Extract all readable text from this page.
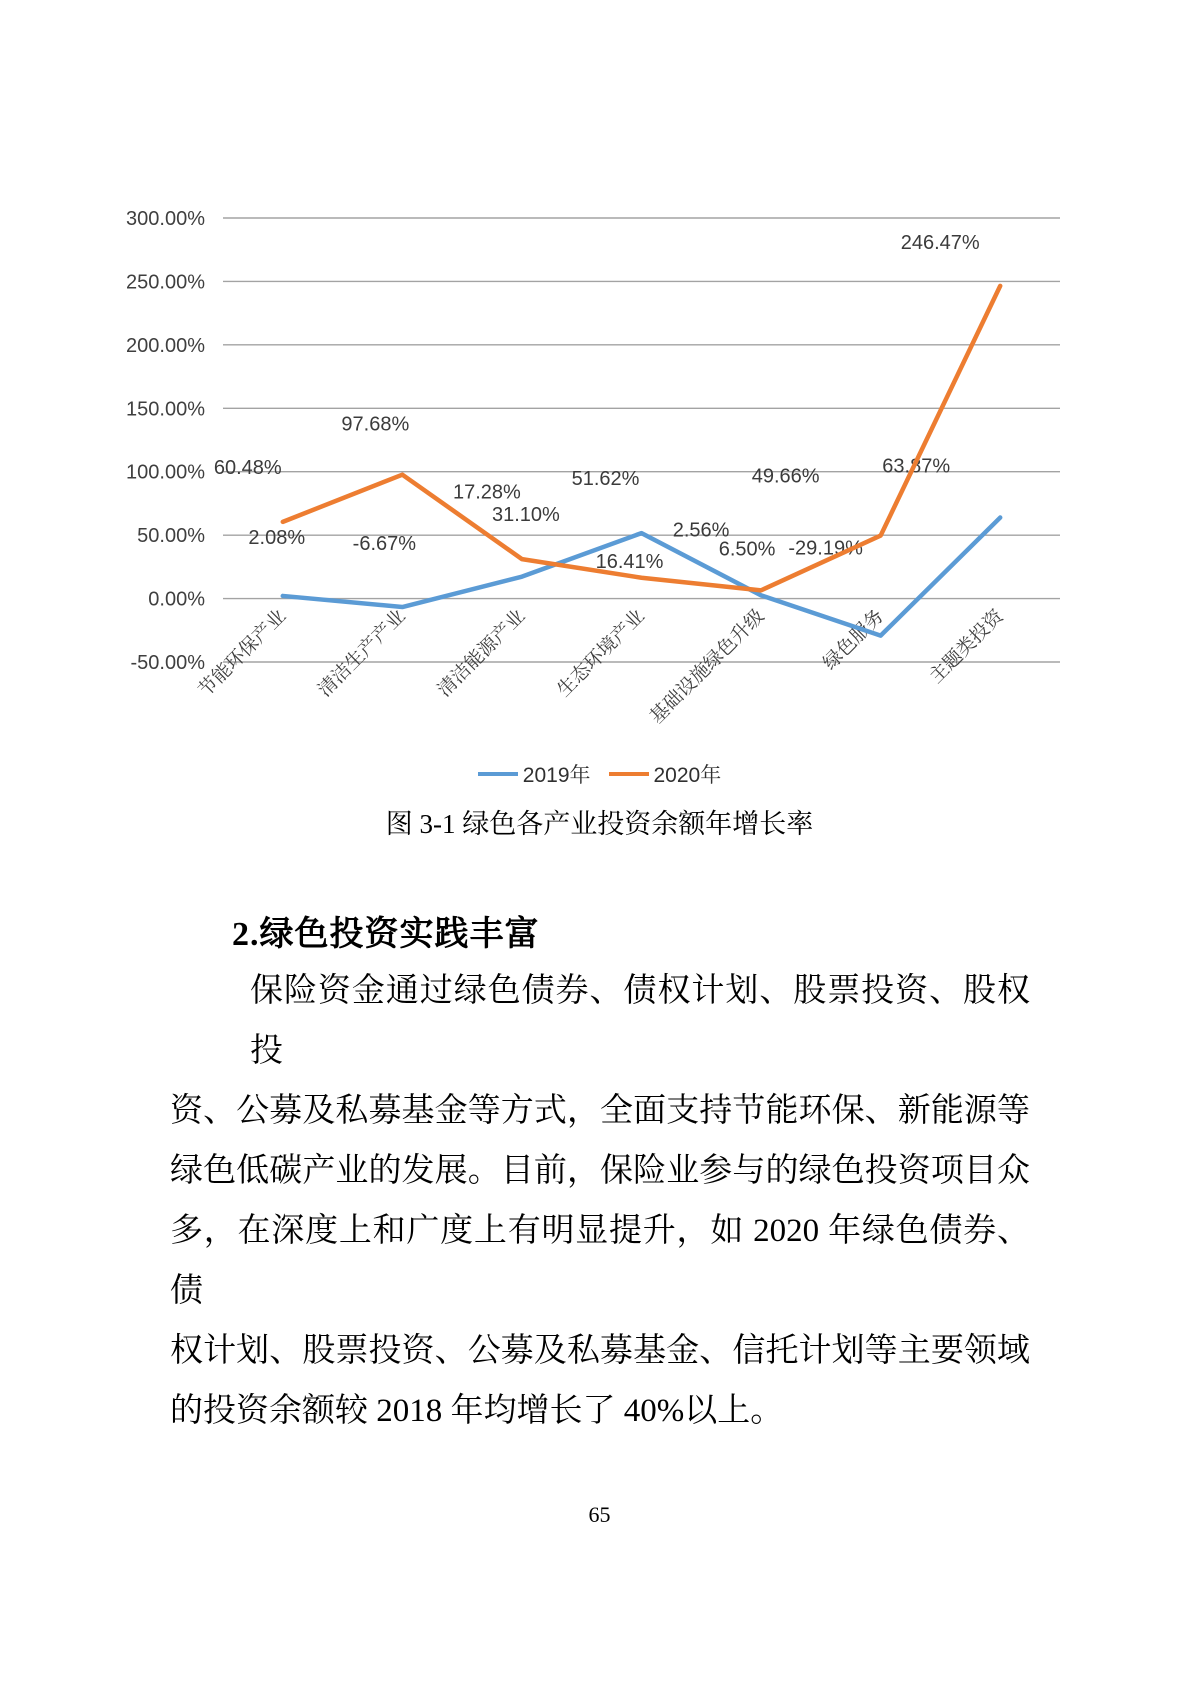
300.00%
250.00%
200.00%
150.00%
100.00%
50.00%
0.00%
-50.00%
节能环保产业 清洁生产产业 清洁能源产业 生态环境产业
基础设施绿色升级	绿色服务 主题类投资
2.08% -6.67%
17.28%
51.62%
2.56%
-29.19%
63.87%
60.48%
97.68%
31.10%
16.41%
6.50%
49.66%
246.47%
2019年	2020年
图 3-1 绿色各产业投资余额年增长率
2.绿色投资实践丰富
保险资金通过绿色债券、债权计划、股票投资、股权投
资、公募及私募基金等方式，全面支持节能环保、新能源等
绿色低碳产业的发展。目前，保险业参与的绿色投资项目众
多，在深度上和广度上有明显提升，如 2020 年绿色债券、债
权计划、股票投资、公募及私募基金、信托计划等主要领域
的投资余额较 2018 年均增长了 40%以上。
65
